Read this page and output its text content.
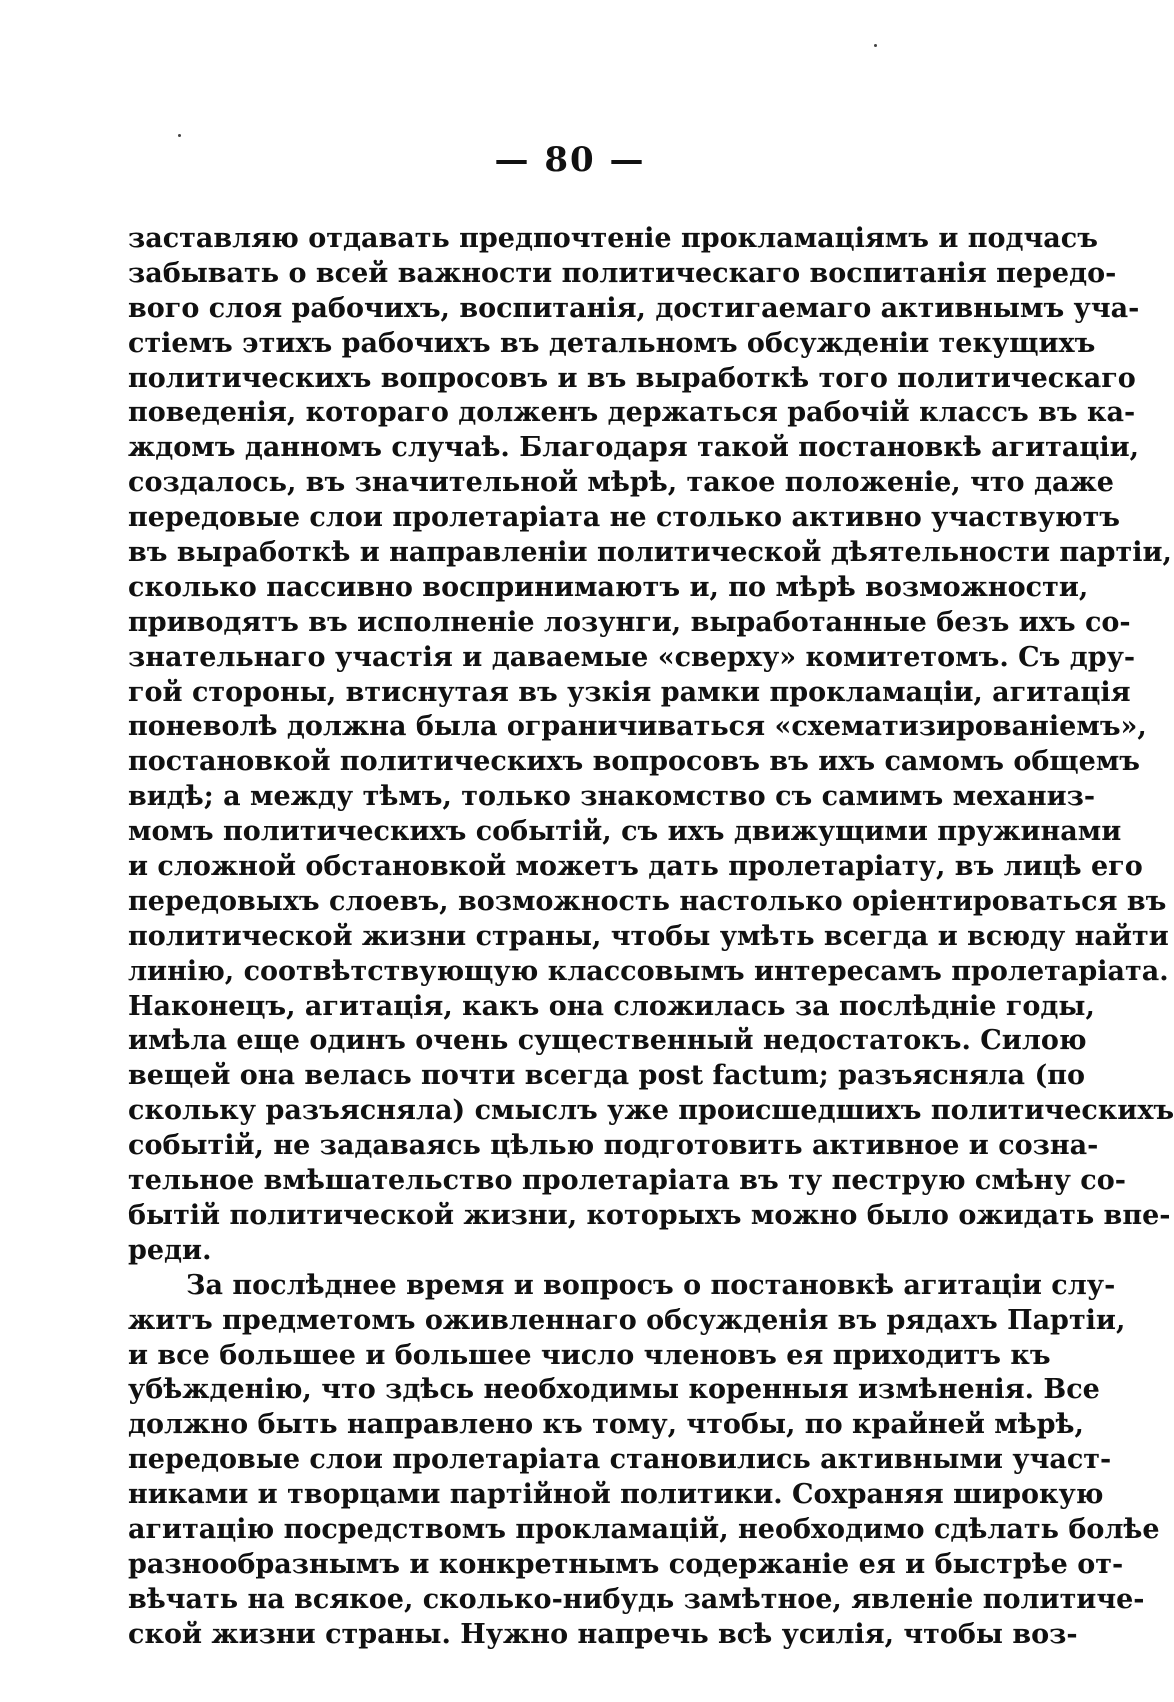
— 80 —
заставляю отдавать предпочтеніе прокламаціямъ и подчасъ
забывать о всей важности политическаго воспитанія передо-
вого слоя рабочихъ, воспитанія, достигаемаго активнымъ уча-
стіемъ этихъ рабочихъ въ детальномъ обсужденіи текущихъ
политическихъ вопросовъ и въ выработкѣ того политическаго
поведенія, котораго долженъ держаться рабочій классъ въ ка-
ждомъ данномъ случаѣ. Благодаря такой постановкѣ агитаціи,
создалось, въ значительной мѣрѣ, такое положеніе, что даже
передовые слои пролетаріата не столько активно участвуютъ
въ выработкѣ и направленіи политической дѣятельности партіи,
сколько пассивно воспринимаютъ и, по мѣрѣ возможности,
приводятъ въ исполненіе лозунги, выработанные безъ ихъ со-
знательнаго участія и даваемые «сверху» комитетомъ. Съ дру-
гой стороны, втиснутая въ узкія рамки прокламаціи, агитація
поневолѣ должна была ограничиваться «схематизированіемъ»,
постановкой политическихъ вопросовъ въ ихъ самомъ общемъ
видѣ; а между тѣмъ, только знакомство съ самимъ механиз-
момъ политическихъ событій, съ ихъ движущими пружинами
и сложной обстановкой можетъ дать пролетаріату, въ лицѣ его
передовыхъ слоевъ, возможность настолько оріентироваться въ
политической жизни страны, чтобы умѣть всегда и всюду найти
линію, соотвѣтствующую классовымъ интересамъ пролетаріата.
Наконецъ, агитація, какъ она сложилась за послѣдніе годы,
имѣла еще одинъ очень существенный недостатокъ. Силою
вещей она велась почти всегда post factum; разъясняла (по
скольку разъясняла) смыслъ уже происшедшихъ политическихъ
событій, не задаваясь цѣлью подготовить активное и созна-
тельное вмѣшательство пролетаріата въ ту пеструю смѣну со-
бытій политической жизни, которыхъ можно было ожидать впе-
реди.
За послѣднее время и вопросъ о постановкѣ агитаціи слу-
житъ предметомъ оживленнаго обсужденія въ рядахъ Партіи,
и все большее и большее число членовъ ея приходитъ къ
убѣжденію, что здѣсь необходимы коренныя измѣненія. Все
должно быть направлено къ тому, чтобы, по крайней мѣрѣ,
передовые слои пролетаріата становились активными участ-
никами и творцами партійной политики. Сохраняя широкую
агитацію посредствомъ прокламацій, необходимо сдѣлать болѣе
разнообразнымъ и конкретнымъ содержаніе ея и быстрѣе от-
вѣчать на всякое, сколько-нибудь замѣтное, явленіе политиче-
ской жизни страны. Нужно напречь всѣ усилія, чтобы воз-
